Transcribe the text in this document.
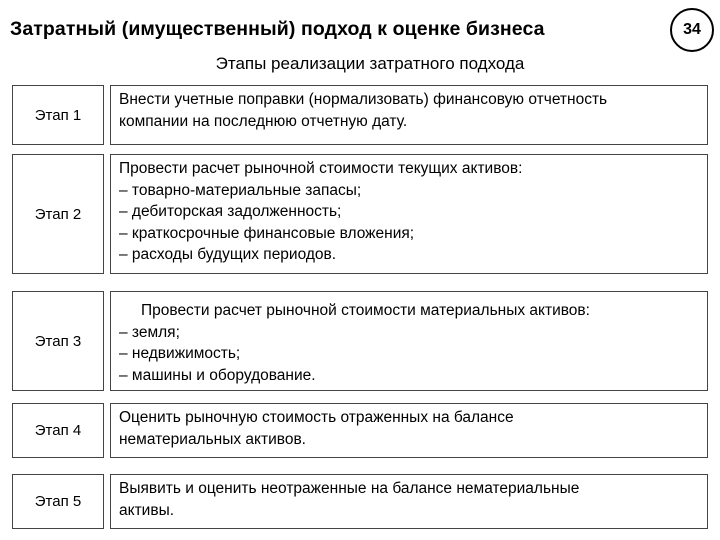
Затратный (имущественный) подход к оценке бизнеса	34
Этапы реализации затратного подхода
Этап 1
Внести учетные поправки (нормализовать) финансовую отчетность
компании на последнюю отчетную дату.
Этап 2
Провести расчет рыночной стоимости текущих активов:
– товарно-материальные запасы;
– дебиторская задолженность;
– краткосрочные финансовые вложения;
– расходы будущих периодов.
Этап 3
Провести расчет рыночной стоимости материальных активов:
– земля;
– недвижимость;
– машины и оборудование.
Этап 4
Оценить рыночную стоимость отраженных на балансе
нематериальных активов.
Этап 5
Выявить и оценить неотраженные на балансе нематериальные
активы.
